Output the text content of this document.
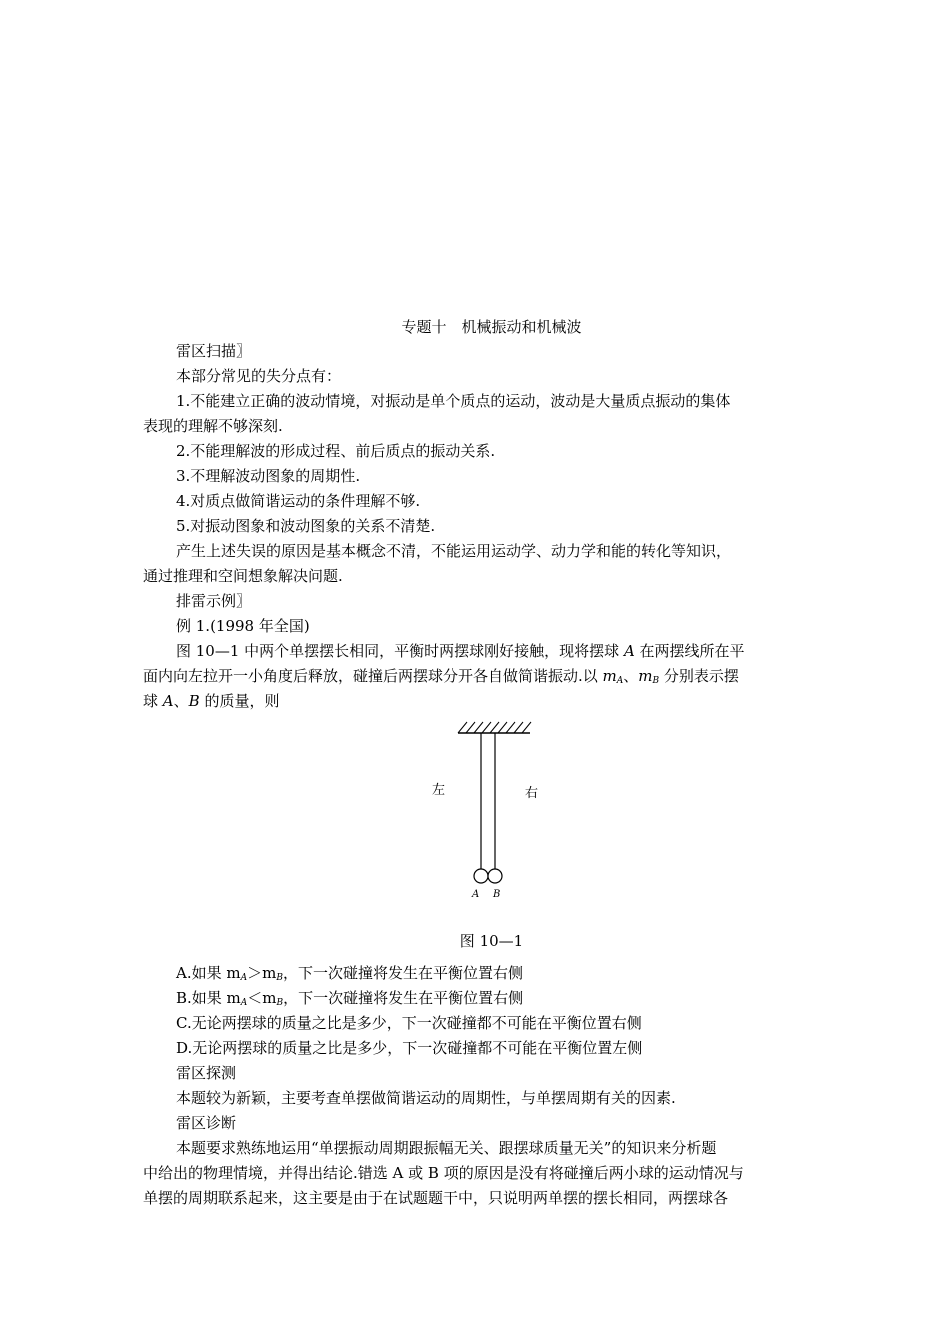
专题十　机械振动和机械波
雷区扫描〗
本部分常见的失分点有：
1.不能建立正确的波动情境，对振动是单个质点的运动，波动是大量质点振动的集体
表现的理解不够深刻.
2.不能理解波的形成过程、前后质点的振动关系.
3.不理解波动图象的周期性.
4.对质点做简谐运动的条件理解不够.
5.对振动图象和波动图象的关系不清楚.
产生上述失误的原因是基本概念不清，不能运用运动学、动力学和能的转化等知识，
通过推理和空间想象解决问题.
排雷示例〗
例 1.(1998 年全国)
图 10—1 中两个单摆摆长相同，平衡时两摆球刚好接触，现将摆球 A 在两摆线所在平
面内向左拉开一小角度后释放，碰撞后两摆球分开各自做简谐振动.以 $m_A$、$m_B$ 分别表示摆
球 A、B 的质量，则
左	右
A B
图 10—1
A.如果 $m_A>m_B$，下一次碰撞将发生在平衡位置右侧
B.如果 $m_A<m_B$，下一次碰撞将发生在平衡位置右侧
C.无论两摆球的质量之比是多少，下一次碰撞都不可能在平衡位置右侧
D.无论两摆球的质量之比是多少，下一次碰撞都不可能在平衡位置左侧
雷区探测
本题较为新颖，主要考查单摆做简谐运动的周期性，与单摆周期有关的因素.
雷区诊断
本题要求熟练地运用“单摆振动周期跟振幅无关、跟摆球质量无关”的知识来分析题
中给出的物理情境，并得出结论.错选 A 或 B 项的原因是没有将碰撞后两小球的运动情况与
单摆的周期联系起来，这主要是由于在试题题干中，只说明两单摆的摆长相同，两摆球各
